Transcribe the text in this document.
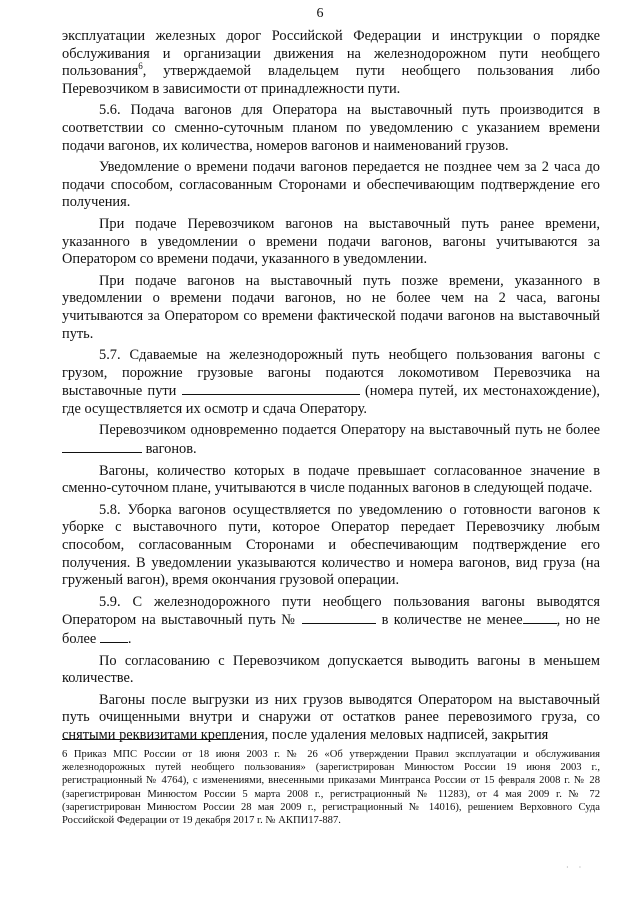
6

эксплуатации железных дорог Российской Федерации и инструкции о порядке обслуживания и организации движения на железнодорожном пути необщего пользования$^6$, утверждаемой владельцем пути необщего пользования либо Перевозчиком в зависимости от принадлежности пути.

5.6. Подача вагонов для Оператора на выставочный путь производится в соответствии со сменно-суточным планом по уведомлению с указанием времени подачи вагонов, их количества, номеров вагонов и наименований грузов.

Уведомление о времени подачи вагонов передается не позднее чем за 2 часа до подачи способом, согласованным Сторонами и обеспечивающим подтверждение его получения.

При подаче Перевозчиком вагонов на выставочный путь ранее времени, указанного в уведомлении о времени подачи вагонов, вагоны учитываются за Оператором со времени подачи, указанного в уведомлении.

При подаче вагонов на выставочный путь позже времени, указанного в уведомлении о времени подачи вагонов, но не более чем на 2 часа, вагоны учитываются за Оператором со времени фактической подачи вагонов на выставочный путь.

5.7. Сдаваемые на железнодорожный путь необщего пользования вагоны с грузом, порожние грузовые вагоны подаются локомотивом Перевозчика на выставочные пути	(номера путей, их местонахождение), где осуществляется их осмотр и сдача Оператору.

Перевозчиком одновременно подается Оператору на выставочный путь не более  вагонов.

Вагоны, количество которых в подаче превышает согласованное значение в сменно-суточном плане, учитываются в числе поданных вагонов в следующей подаче.

5.8. Уборка вагонов осуществляется по уведомлению о готовности вагонов к уборке с выставочного пути, которое Оператор передает Перевозчику любым способом, согласованным Сторонами и обеспечивающим подтверждение его получения. В уведомлении указываются количество и номера вагонов, вид груза (на груженый вагон), время окончания грузовой операции.

5.9. С железнодорожного пути необщего пользования вагоны выводятся Оператором на выставочный путь №	в количестве не менее , но не более .

По согласованию с Перевозчиком допускается выводить вагоны в меньшем количестве.

Вагоны после выгрузки из них грузов выводятся Оператором на выставочный путь очищенными внутри и снаружи от остатков ранее перевозимого груза, со снятыми реквизитами крепления, после удаления меловых надписей, закрытия

6 Приказ МПС России от 18 июня 2003 г. № 26 «Об утверждении Правил эксплуатации и обслуживания железнодорожных путей необщего пользования» (зарегистрирован Минюстом России 19 июня 2003 г., регистрационный № 4764), с изменениями, внесенными приказами Минтранса России от 15 февраля 2008 г. № 28 (зарегистрирован Минюстом России 5 марта 2008 г., регистрационный № 11283), от 4 мая 2009 г. № 72 (зарегистрирован Минюстом России 28 мая 2009 г., регистрационный № 14016), решением Верховного Суда Российской Федерации от 19 декабря 2017 г. № АКПИ17-887.
· ·
